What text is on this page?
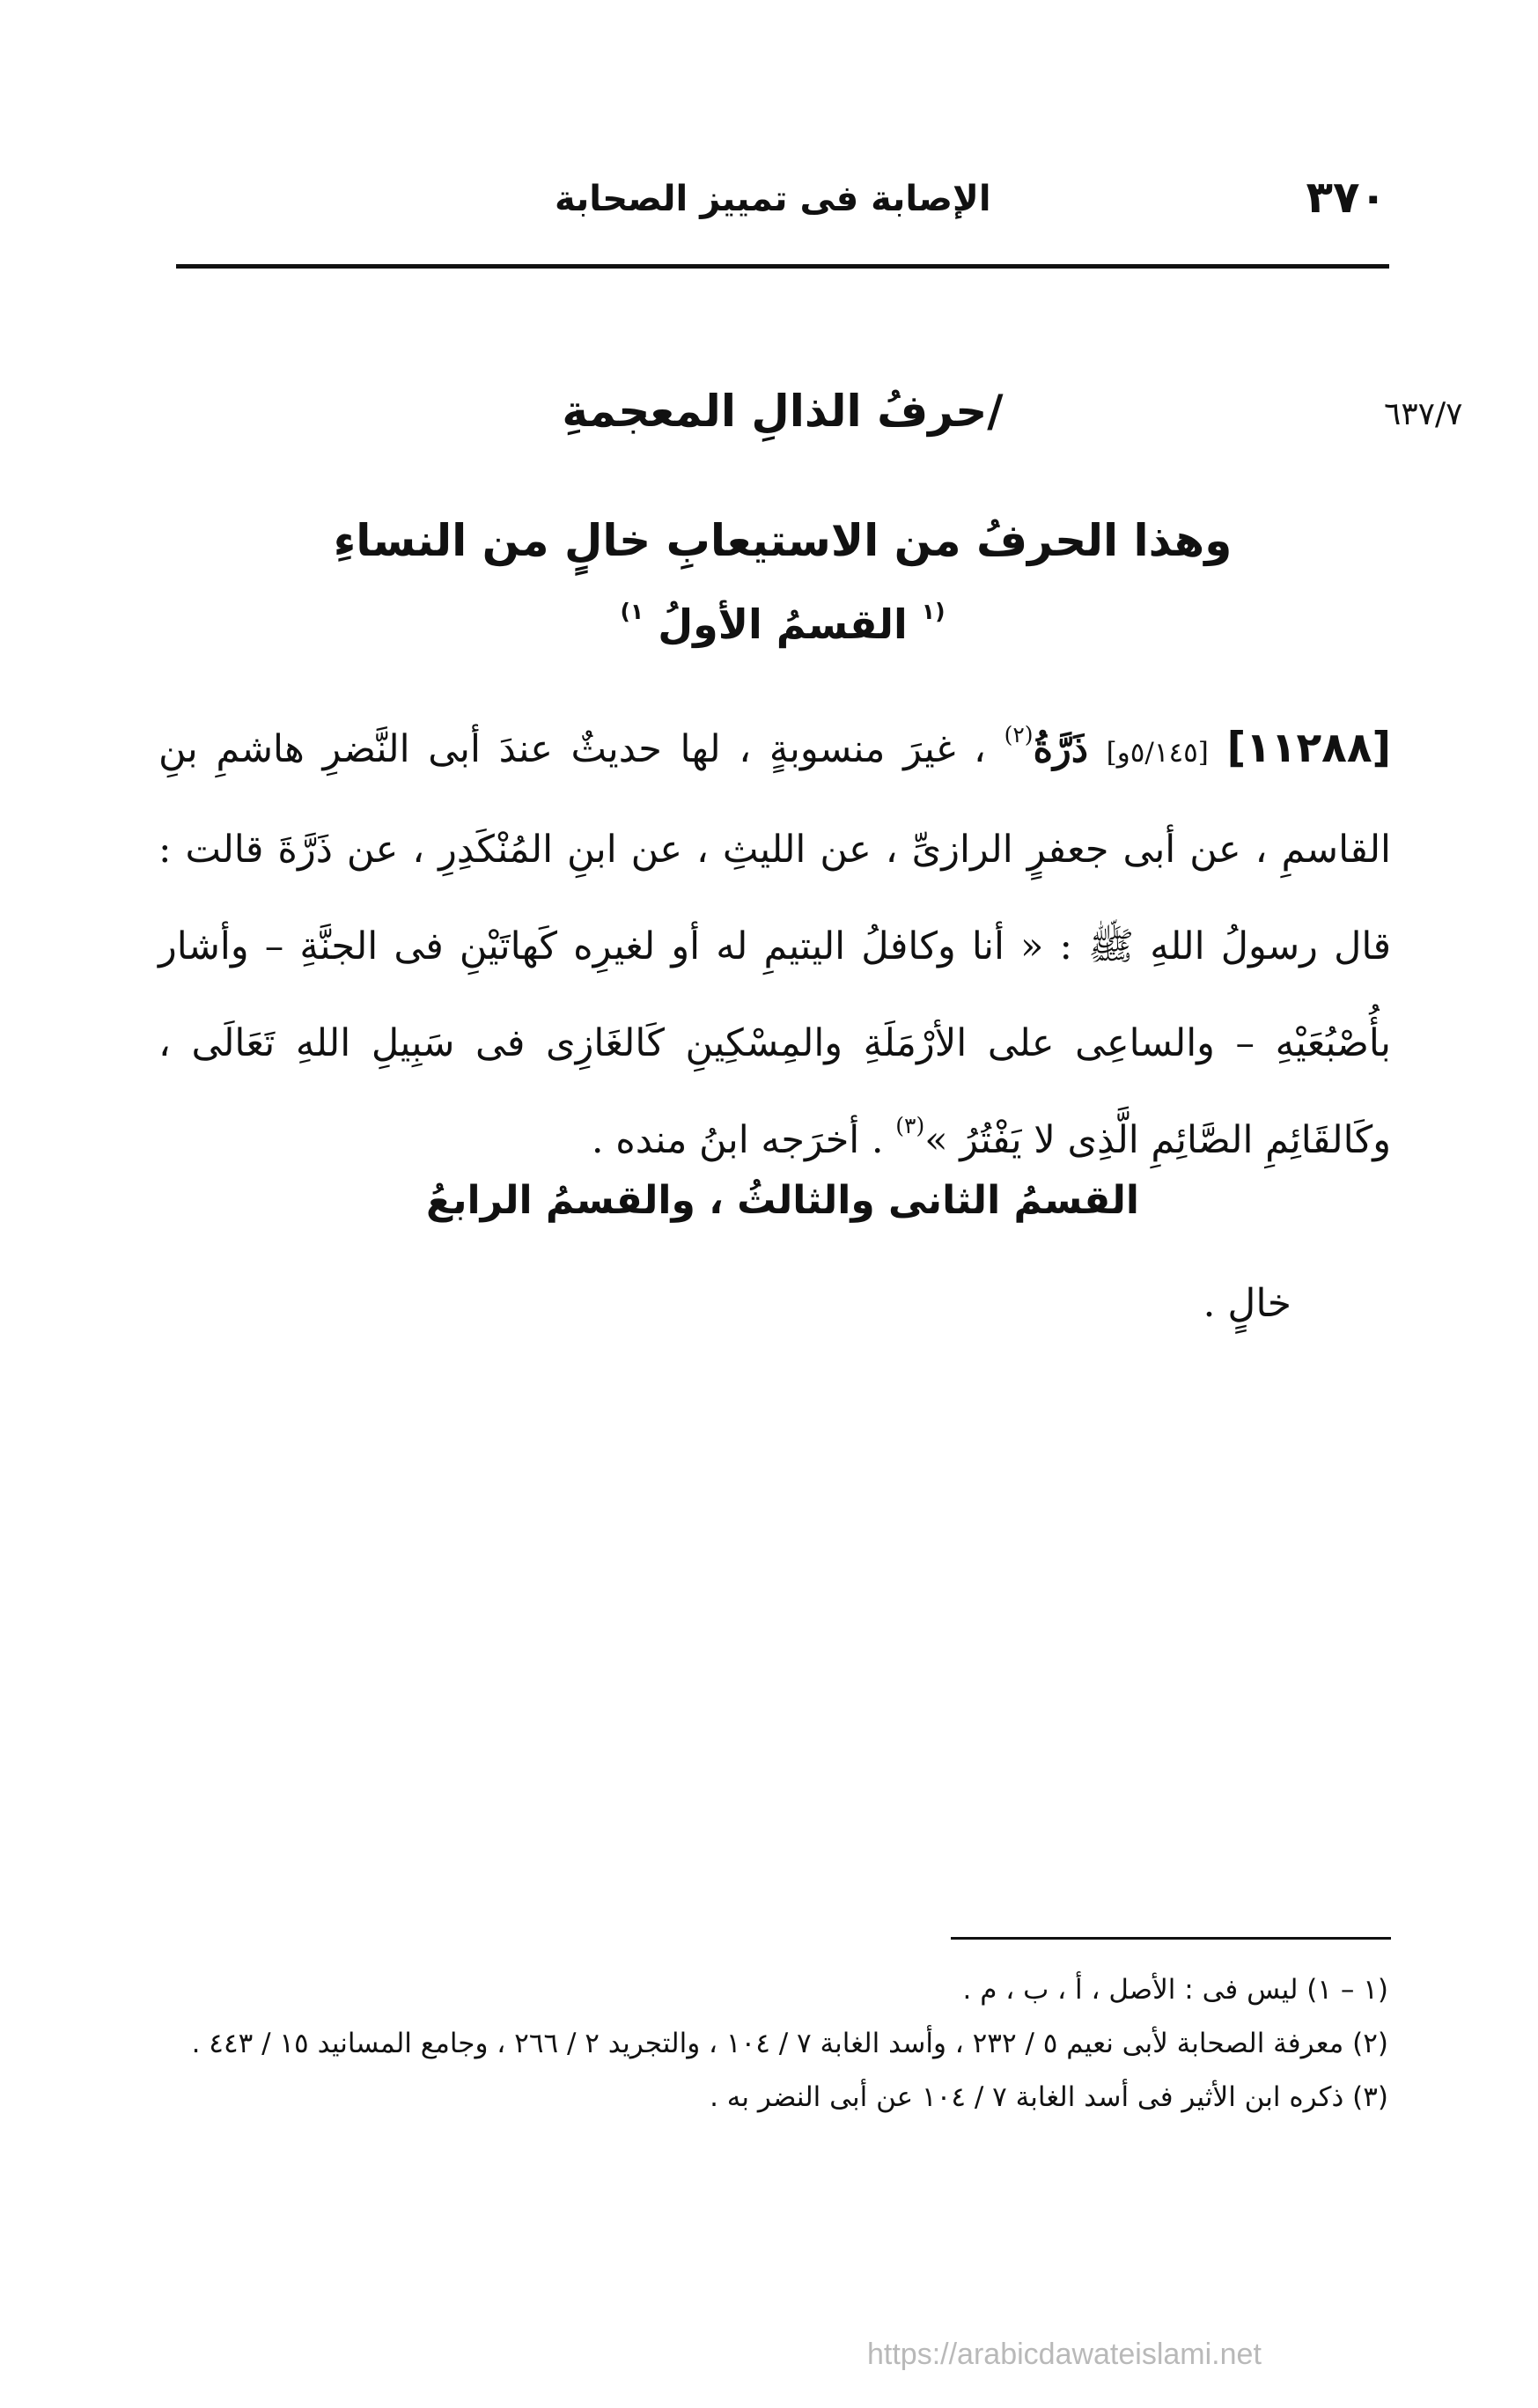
٣٧٠
الإصابة فى تمييز الصحابة
٦٣٧/٧
/حرفُ الذالِ المعجمةِ
وهذا الحرفُ من الاستيعابِ خالٍ من النساءِ
$^{(١}$ القسمُ الأولُ $^{١)}$
[١١٢٨٨] [٥/١٤٥و] ذَرَّةُ$^{(٢)}$ ، غيرَ منسوبةٍ ، لها حديثٌ عندَ أبى النَّضرِ هاشمِ بنِ القاسمِ ، عن أبى جعفرٍ الرازىِّ ، عن الليثِ ، عن ابنِ المُنْكَدِرِ ، عن ذَرَّةَ قالت : قال رسولُ اللهِ ﷺ : « أنا وكافلُ اليتيمِ له أو لغيرِه كَهاتَيْنِ فى الجنَّةِ – وأشار بأُصْبُعَيْهِ – والساعِى على الأرْمَلَةِ والمِسْكِينِ كَالغَازِى فى سَبِيلِ اللهِ تَعَالَى ، وكَالقَائِمِ الصَّائِمِ الَّذِى لا يَفْتُرُ »$^{(٣)}$ . أخرَجه ابنُ منده .
القسمُ الثانى والثالثُ ، والقسمُ الرابعُ
خالٍ .

(١ – ١) ليس فى : الأصل ، أ ، ب ، م .

(٢) معرفة الصحابة لأبى نعيم ٥ / ٢٣٢ ، وأسد الغابة ٧ / ١٠٤ ، والتجريد ٢ / ٢٦٦ ، وجامع المسانيد ١٥ / ٤٤٣ .

(٣) ذكره ابن الأثير فى أسد الغابة ٧ / ١٠٤ عن أبى النضر به .

https://arabicdawateislami.net
